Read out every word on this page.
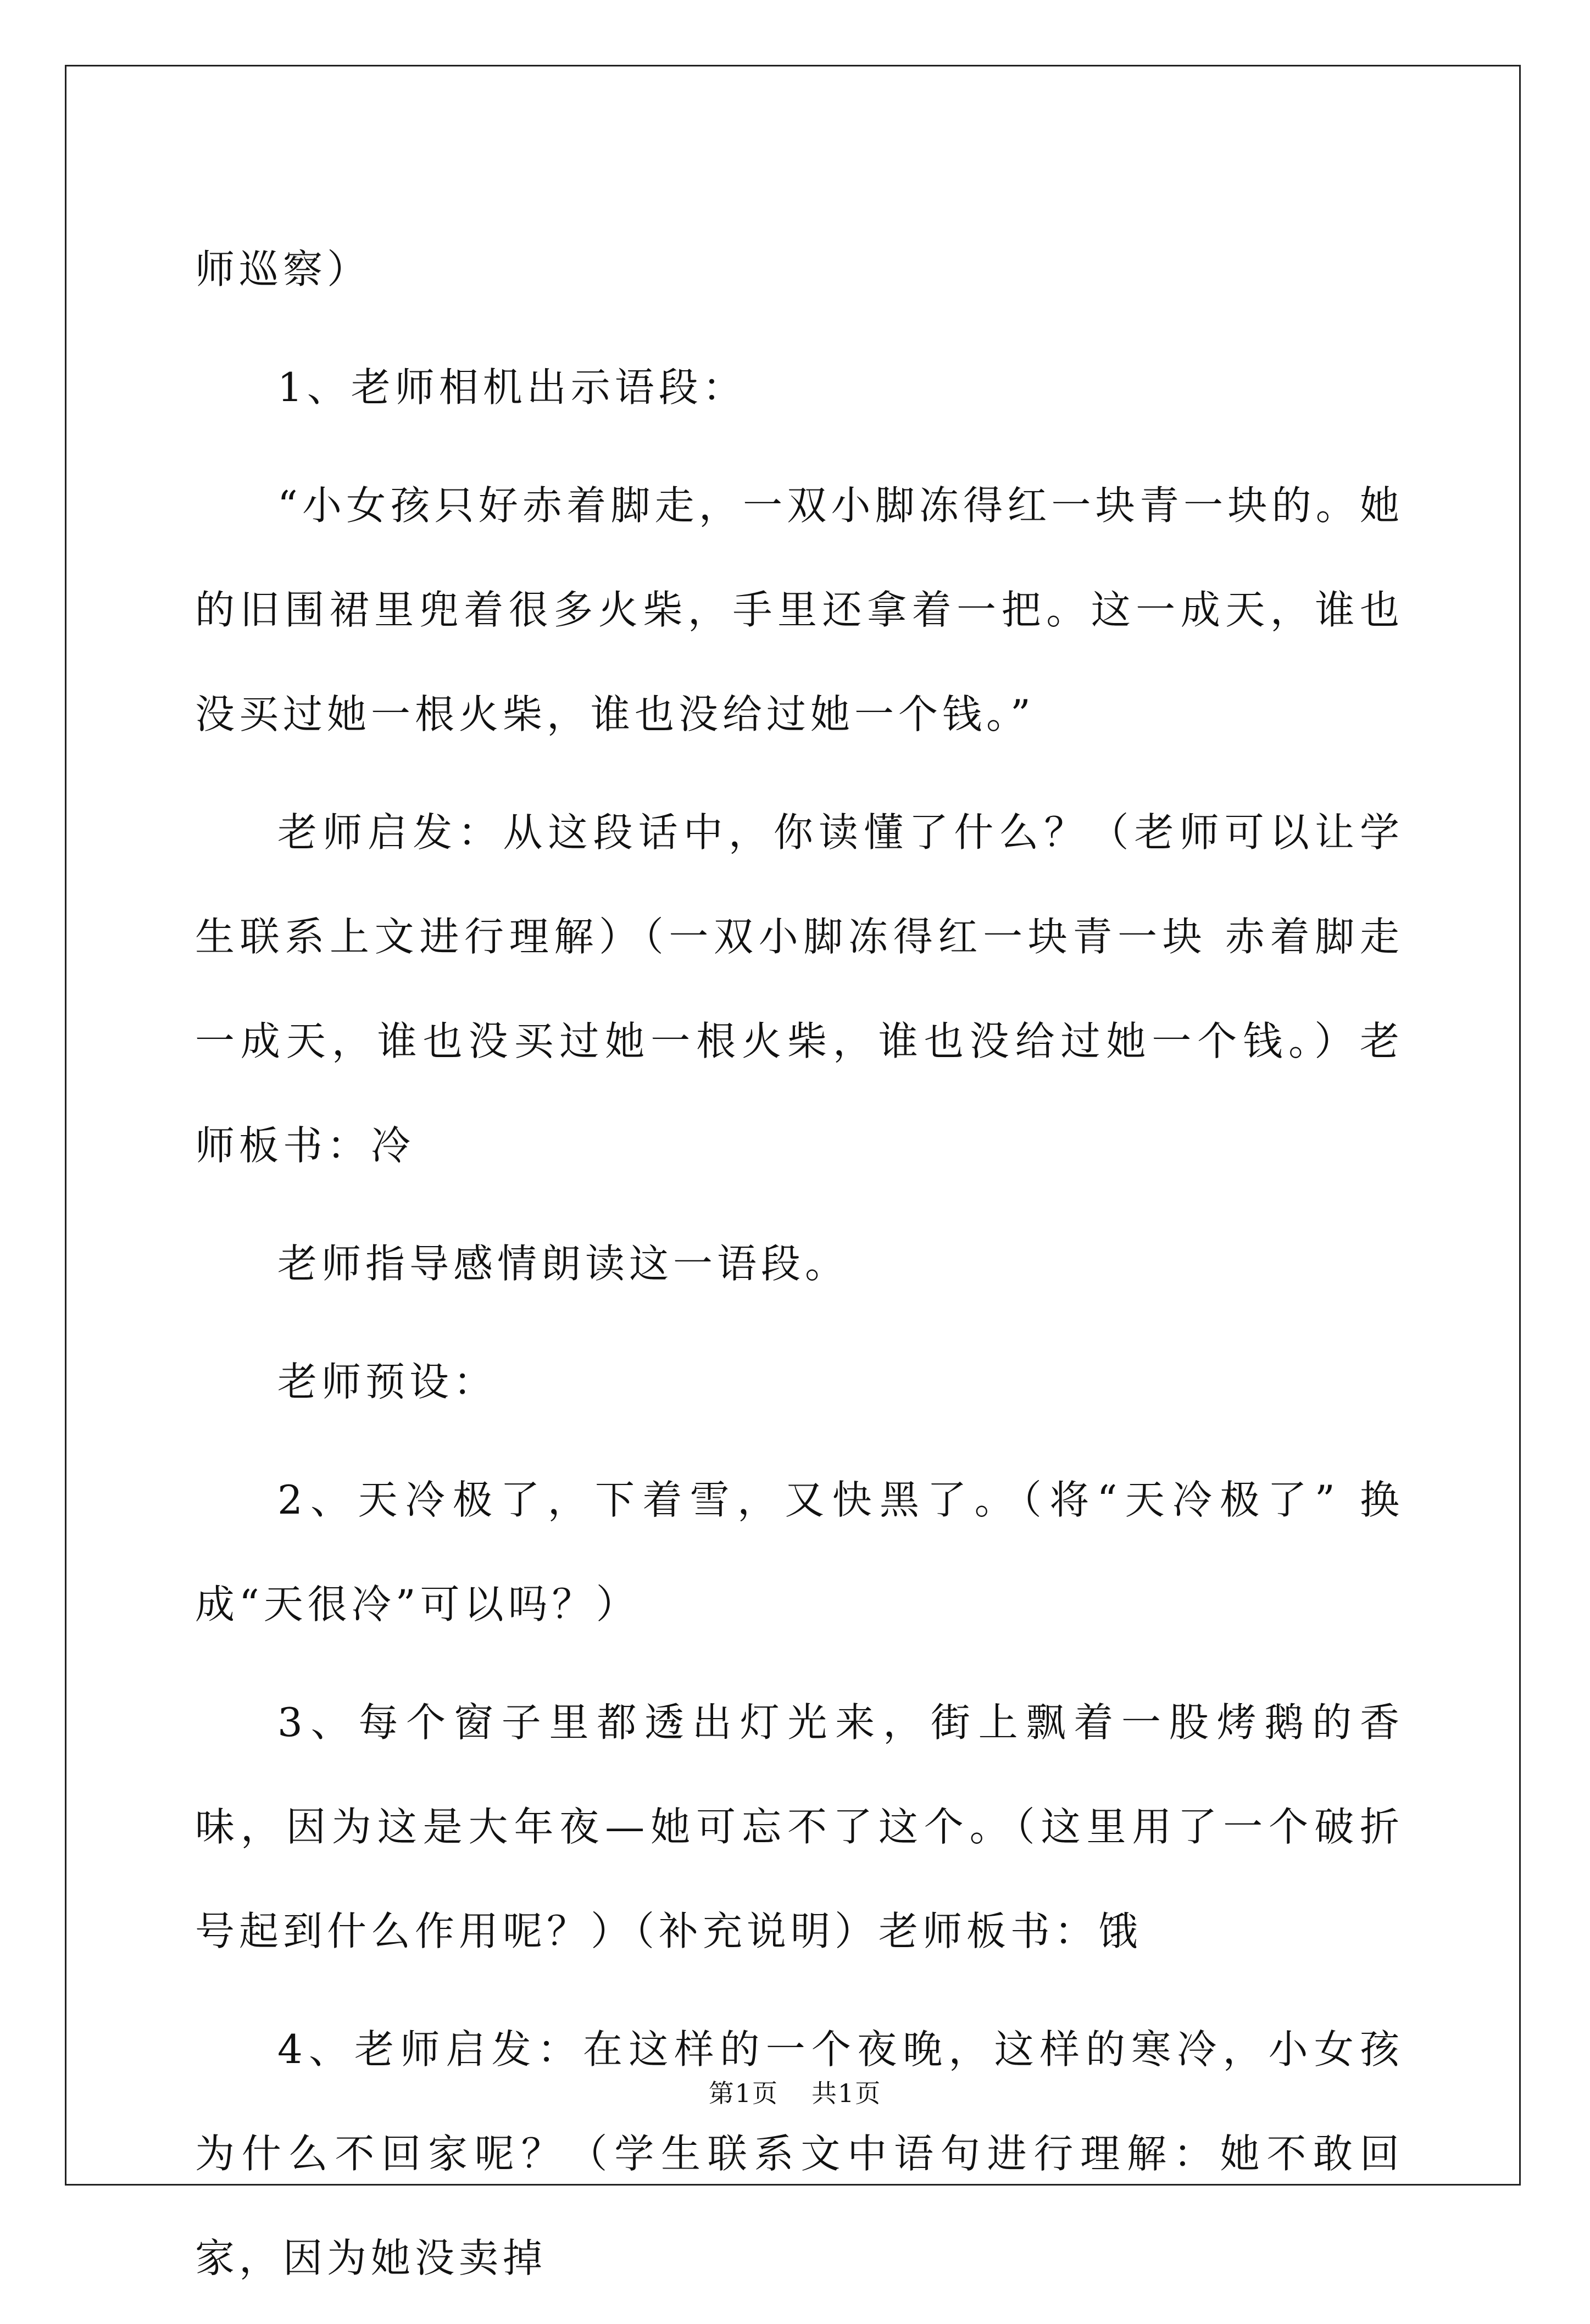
师巡察）

1、老师相机出示语段：

“小女孩只好赤着脚走，一双小脚冻得红一块青一块的。她的旧围裙里兜着很多火柴，手里还拿着一把。这一成天，谁也没买过她一根火柴，谁也没给过她一个钱。”

老师启发：从这段话中，你读懂了什么？（老师可以让学生联系上文进行理解）（一双小脚冻得红一块青一块 赤着脚走 一成天，谁也没买过她一根火柴，谁也没给过她一个钱。）老师板书：冷

老师指导感情朗读这一语段。

老师预设：

2、天冷极了，下着雪，又快黑了。（将“天冷极了” 换成“天很冷”可以吗？）

3、每个窗子里都透出灯光来，街上飘着一股烤鹅的香味，因为这是大年夜—她可忘不了这个。（这里用了一个破折号起到什么作用呢？）（补充说明）老师板书：饿

4、老师启发：在这样的一个夜晚，这样的寒冷，小女孩为什么不回家呢？（学生联系文中语句进行理解：她不敢回家，因为她没卖掉

第1页 共1页
